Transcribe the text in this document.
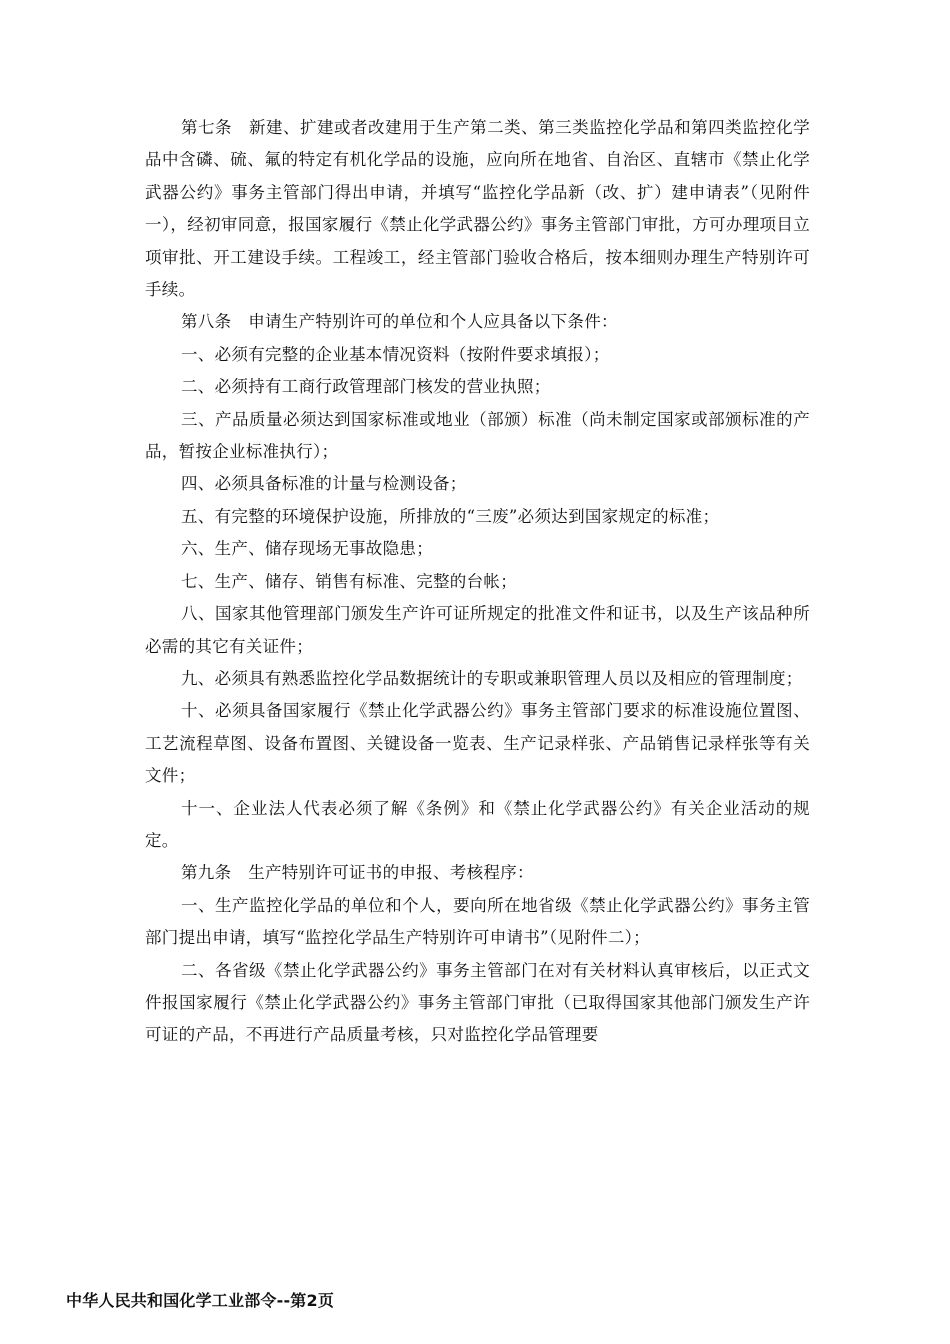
第七条　新建、扩建或者改建用于生产第二类、第三类监控化学品和第四类监控化学品中含磷、硫、氟的特定有机化学品的设施，应向所在地省、自治区、直辖市《禁止化学武器公约》事务主管部门得出申请，并填写“监控化学品新（改、扩）建申请表”（见附件一），经初审同意，报国家履行《禁止化学武器公约》事务主管部门审批，方可办理项目立项审批、开工建设手续。工程竣工，经主管部门验收合格后，按本细则办理生产特别许可手续。

第八条　申请生产特别许可的单位和个人应具备以下条件：

一、必须有完整的企业基本情况资料（按附件要求填报）；

二、必须持有工商行政管理部门核发的营业执照；

三、产品质量必须达到国家标准或地业（部颁）标准（尚未制定国家或部颁标准的产品，暂按企业标准执行）；

四、必须具备标准的计量与检测设备；

五、有完整的环境保护设施，所排放的“三废”必须达到国家规定的标准；

六、生产、储存现场无事故隐患；

七、生产、储存、销售有标准、完整的台帐；

八、国家其他管理部门颁发生产许可证所规定的批准文件和证书，以及生产该品种所必需的其它有关证件；

九、必须具有熟悉监控化学品数据统计的专职或兼职管理人员以及相应的管理制度；

十、必须具备国家履行《禁止化学武器公约》事务主管部门要求的标准设施位置图、工艺流程草图、设备布置图、关键设备一览表、生产记录样张、产品销售记录样张等有关文件；

十一、企业法人代表必须了解《条例》和《禁止化学武器公约》有关企业活动的规定。

第九条　生产特别许可证书的申报、考核程序：

一、生产监控化学品的单位和个人，要向所在地省级《禁止化学武器公约》事务主管部门提出申请，填写“监控化学品生产特别许可申请书”（见附件二）；

二、各省级《禁止化学武器公约》事务主管部门在对有关材料认真审核后，以正式文件报国家履行《禁止化学武器公约》事务主管部门审批（已取得国家其他部门颁发生产许可证的产品，不再进行产品质量考核，只对监控化学品管理要

中华人民共和国化学工业部令--第2页
